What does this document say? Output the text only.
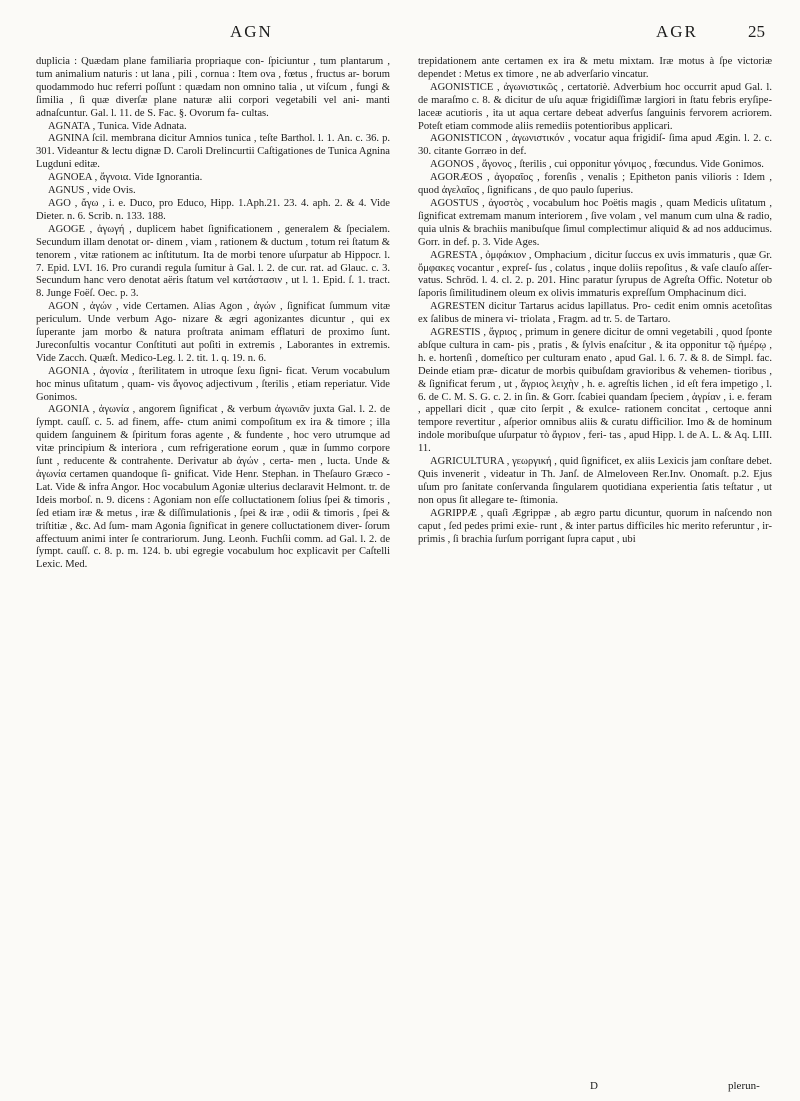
AGN	AGR	25

duplicia : Quædam plane familiaria propriaque con- ſpiciuntur , tum plantarum , tum animalium naturis : ut lana , pili , cornua : Item ova , fœtus , fructus ar- borum quodammodo huc referri poſſunt : quædam non omnino talia , ut viſcum , fungi & ſimilia , ſi quæ diverſæ plane naturæ alii corpori vegetabili vel ani- manti adnaſcuntur. Gal. l. 11. de S. Fac. §. Ovorum fa- cultas.

AGNATA , Tunica. Vide Adnata.

AGNINA ſcil. membrana dicitur Amnios tunica , teſte Barthol. l. 1. An. c. 36. p. 301. Videantur & lectu dignæ D. Caroli Drelincurtii Caſtigationes de Tunica Agnina Lugduni editæ.

AGNOEA , ἄγνοια. Vide Ignorantia.

AGNUS , vide Ovis.

AGO , ἄγω , i. e. Duco, pro Educo, Hipp. 1.Aph.21. 23. 4. aph. 2. & 4. Vide Dieter. n. 6. Scrib. n. 133. 188.

AGOGE , ἀγωγή , duplicem habet ſignificationem , generalem & ſpecialem. Secundum illam denotat or- dinem , viam , rationem & ductum , totum rei ſtatum & tenorem , vitæ rationem ac inſtitutum. Ita de morbi tenore uſurpatur ab Hippocr. l. 7. Epid. LVI. 16. Pro curandi regula ſumitur à Gal. l. 2. de cur. rat. ad Glauc. c. 3. Secundum hanc vero denotat aëris ſtatum vel κατάστασιν , ut l. 1. Epid. ſ. 1. tract. 8. Junge Foëſ. Oec. p. 3.

AGON , ἀγών , vide Certamen. Alias Agon , ἀγών , ſignificat ſummum vitæ periculum. Unde verbum Ago- nizare & ægri agonizantes dicuntur , qui ex ſuperante jam morbo & natura proſtrata animam efflaturi de proximo ſunt. Jureconſultis vocantur Conſtituti aut poſiti in extremis , Laborantes in extremis. Vide Zacch. Quæſt. Medico-Leg. l. 2. tit. 1. q. 19. n. 6.

AGONIA , ἀγονία , ſterilitatem in utroque ſexu ſigni- ficat. Verum vocabulum hoc minus uſitatum , quam- vis ἄγονος adjectivum , ſterilis , etiam reperiatur. Vide Gonimos.

AGONIA , ἀγωνία , angorem ſignificat , & verbum ἀγωνιᾶν juxta Gal. l. 2. de ſympt. cauſſ. c. 5. ad finem, affe- ctum animi compoſitum ex ira & timore ; illa quidem ſanguinem & ſpiritum foras agente , & fundente , hoc vero utrumque ad vitæ principium & interiora , cum refrigeratione eorum , quæ in ſummo corpore ſunt , reducente & contrahente. Derivatur ab ἀγών , certa- men , lucta. Unde & ἀγωνία certamen quandoque ſi- gnificat. Vide Henr. Stephan. in Theſauro Græco - Lat. Vide & infra Angor. Hoc vocabulum Agoniæ ulterius declaravit Helmont. tr. de Ideis morboſ. n. 9. dicens : Agoniam non eſſe colluctationem ſolius ſpei & timoris , ſed etiam iræ & metus , iræ & diſſimulationis , ſpei & iræ , odii & timoris , ſpei & triſtitiæ , &c. Ad ſum- mam Agonia ſignificat in genere colluctationem diver- ſorum affectuum animi inter ſe contrariorum. Jung. Leonh. Fuchſii comm. ad Gal. l. 2. de ſympt. cauſſ. c. 8. p. m. 124. b. ubi egregie vocabulum hoc explicavit per Caſtelli Lexic. Med.

trepidationem ante certamen ex ira & metu mixtam. Iræ motus à ſpe victoriæ dependet : Metus ex timore , ne ab adverſario vincatur.

AGONISTICE , ἀγωνιστικῶς , certatoriè. Adverbium hoc occurrit apud Gal. l. de maraſmo c. 8. & dicitur de uſu aquæ frigidiſſimæ largiori in ſtatu febris eryſipe- laceæ acutioris , ita ut aqua certare debeat adverſus ſanguinis fervorem acriorem. Poteſt etiam commode aliis remediis potentioribus applicari.

AGONISTICON , ἀγωνιστικόν , vocatur aqua frigidiſ- ſima apud Ægin. l. 2. c. 30. citante Gorræo in def.

AGONOS , ἄγονος , ſterilis , cui opponitur γόνιμος , fœcundus. Vide Gonimos.

AGORÆOS , ἀγοραῖος , forenſis , venalis ; Epitheton panis vilioris : Idem , quod ἀγελαῖος , ſignificans , de quo paulo ſuperius.

AGOSTUS , ἀγοστὸς , vocabulum hoc Poëtis magis , quam Medicis uſitatum , ſignificat extremam manum interiorem , ſive volam , vel manum cum ulna & radio, quia ulnis & brachiis manibuſque ſimul complectimur aliquid & ad nos adducimus. Gorr. in def. p. 3. Vide Ages.

AGRESTA , ὀμφάκιον , Omphacium , dicitur ſuccus ex uvis immaturis , quæ Gr. ὄμφακες vocantur , expreſ- ſus , colatus , inque doliis repoſitus , & vaſe clauſo aſſer- vatus. Schröd. l. 4. cl. 2. p. 201. Hinc paratur ſyrupus de Agreſta Offic. Notetur ob ſaporis ſimilitudinem oleum ex olivis immaturis expreſſum Omphacinum dici.

AGRESTEN dicitur Tartarus acidus lapillatus. Pro- cedit enim omnis acetoſitas ex ſalibus de minera vi- triolata , Fragm. ad tr. 5. de Tartaro.

AGRESTIS , ἄγριος , primum in genere dicitur de omni vegetabili , quod ſponte abſque cultura in cam- pis , pratis , & ſylvis enaſcitur , & ita opponitur τῷ ἡμέρῳ , h. e. hortenſi , domeſtico per culturam enato , apud Gal. l. 6. 7. & 8. de Simpl. fac. Deinde etiam præ- dicatur de morbis quibuſdam gravioribus & vehemen- tioribus , & ſignificat ferum , ut , ἄγριος λειχὴν , h. e. agreſtis lichen , id eſt fera impetigo , l. 6. de C. M. S. G. c. 2. in ſin. & Gorr. ſcabiei quandam ſpeciem , ἀγρίαν , i. e. feram , appellari dicit , quæ cito ſerpit , & exulce- rationem concitat , certoque anni tempore revertitur , aſperior omnibus aliis & curatu difficilior. Imo & de hominum indole moribuſque uſurpatur τὸ ἄγριον , feri- tas , apud Hipp. l. de A. L. & Aq. LIII. 11.

AGRICULTURA , γεωργική , quid ſignificet, ex aliis Lexicis jam conſtare debet. Quis invenerit , videatur in Th. Janſ. de Almeloveen Rer.Inv. Onomaſt. p.2. Ejus uſum pro ſanitate conſervanda ſingularem quotidiana experientia ſatis teſtatur , ut non opus ſit allegare te- ſtimonia.

AGRIPPÆ , quaſi Ægrippæ , ab ægro partu dicuntur, quorum in naſcendo non caput , ſed pedes primi exie- runt , & inter partus difficiles hic merito referuntur , ir- primis , ſi brachia ſurſum porrigant ſupra caput , ubi

D	plerun-
